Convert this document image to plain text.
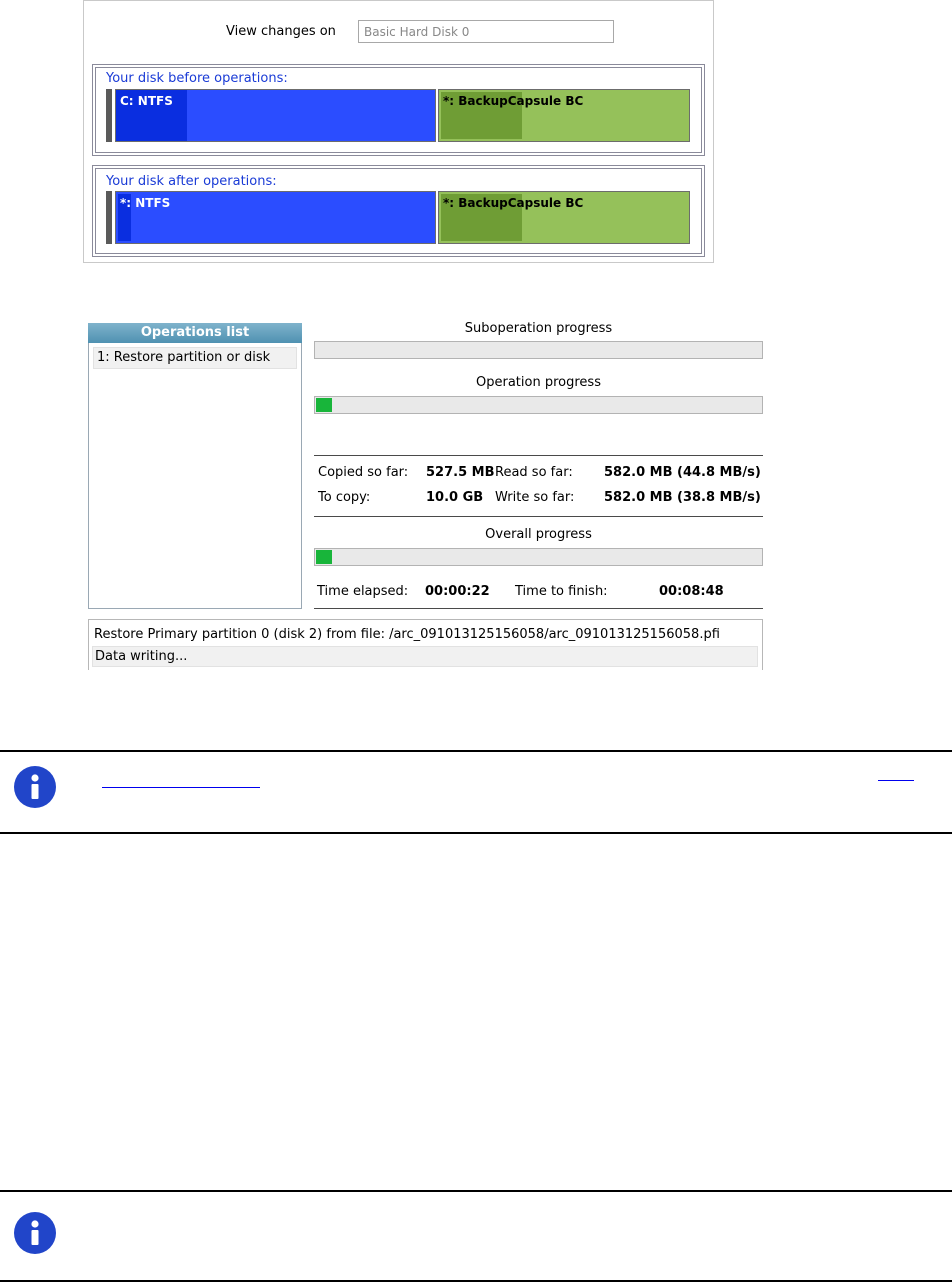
View changes on	Basic Hard Disk 0
Your disk before operations:
C: NTFS	*: BackupCapsule BC
Your disk after operations:
*: NTFS	*: BackupCapsule BC
Operations list
1: Restore partition or disk
Suboperation progress
Operation progress
Copied so far: 527.5 MB Read so far: 582.0 MB (44.8 MB/s)
To copy:	10.0 GB Write so far: 582.0 MB (38.8 MB/s)
Overall progress
Time elapsed: 00:00:22 Time to finish:	00:08:48
Restore Primary partition 0 (disk 2) from file: /arc_091013125156058/arc_091013125156058.pfi
Data writing...
